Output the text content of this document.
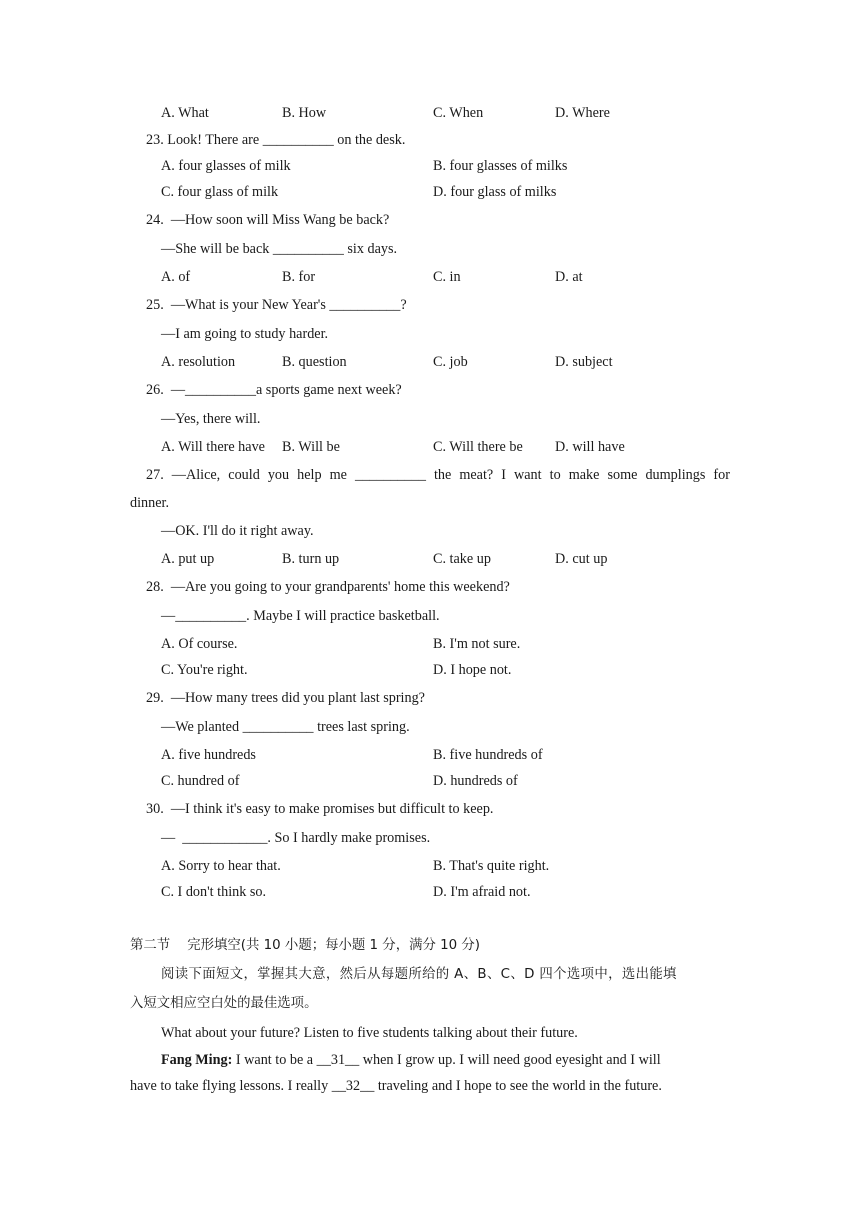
A. What	B. How	C. When	D. Where
23. Look! There are __________ on the desk.
A. four glasses of milk	B. four glasses of milks
C. four glass of milk	D. four glass of milks
24.  —How soon will Miss Wang be back?
—She will be back __________ six days.
A. of	B. for	C. in	D. at
25.  —What is your New Year's __________?
—I am going to study harder.
A. resolution	B. question	C. job	D. subject
26.  —__________a sports game next week?
—Yes, there will.
A. Will there have B. Will be	C. Will there be D. will have
27. —Alice, could you help me __________ the meat? I want to make some dumplings for
dinner.
—OK. I'll do it right away.
A. put up	B. turn up	C. take up	D. cut up
28.  —Are you going to your grandparents' home this weekend?
—__________. Maybe I will practice basketball.
A. Of course.	B. I'm not sure.
C. You're right.	D. I hope not.
29.  —How many trees did you plant last spring?
—We planted __________ trees last spring.
A. five hundreds	B. five hundreds of
C. hundred of	D. hundreds of
30.  —I think it's easy to make promises but difficult to keep.
—  ____________. So I hardly make promises.
A. Sorry to hear that.	B. That's quite right.
C. I don't think so.	D. I'm afraid not.
第二节    完形填空(共 10 小题；每小题 1 分，满分 10 分)
阅读下面短文，掌握其大意，然后从每题所给的 A、B、C、D 四个选项中，选出能填
入短文相应空白处的最佳选项。
What about your future? Listen to five students talking about their future.
Fang Ming: I want to be a __31__ when I grow up. I will need good eyesight and I will
have to take flying lessons. I really __32__ traveling and I hope to see the world in the future.
